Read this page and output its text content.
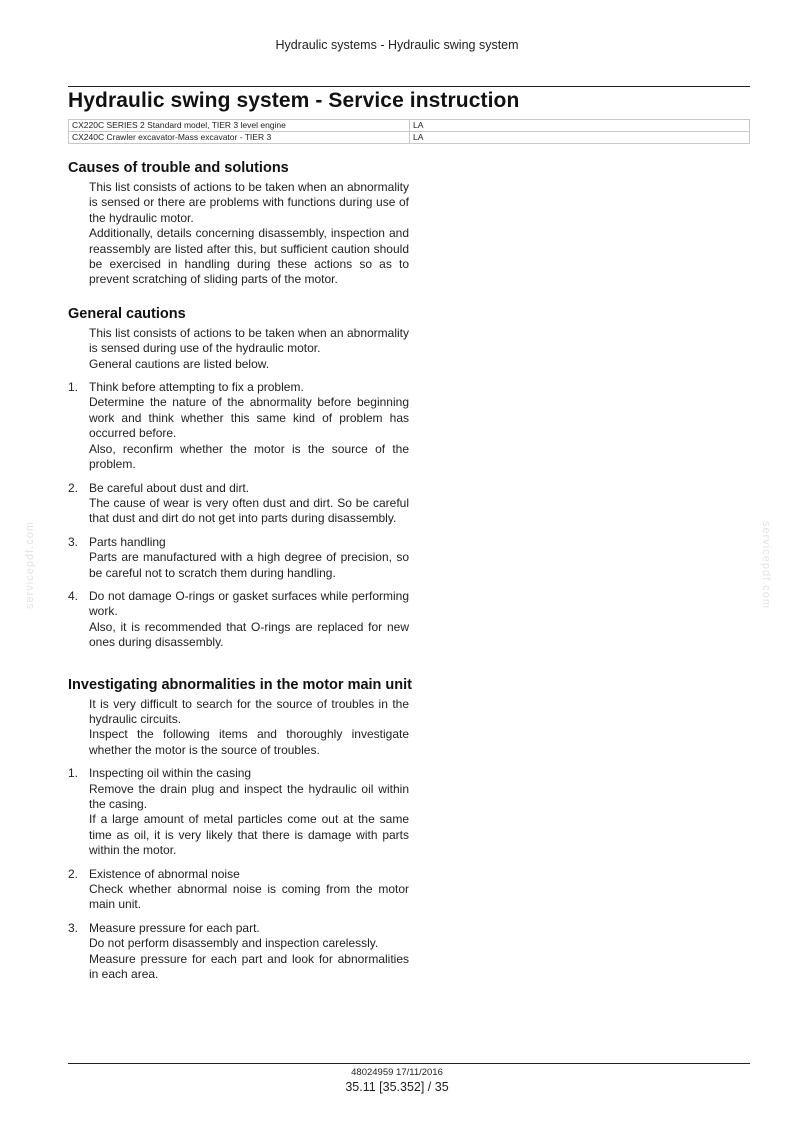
Hydraulic systems - Hydraulic swing system
Hydraulic swing system - Service instruction
CX220C SERIES 2 Standard model, TIER 3 level engine	LA
CX240C Crawler excavator-Mass excavator - TIER 3	LA
Causes of trouble and solutions

This list consists of actions to be taken when an abnormality is sensed or there are problems with functions during use of the hydraulic motor.

Additionally, details concerning disassembly, inspection and reassembly are listed after this, but sufficient caution should be exercised in handling during these actions so as to prevent scratching of sliding parts of the motor.

General cautions

This list consists of actions to be taken when an abnormality is sensed during use of the hydraulic motor.

General cautions are listed below.

1. Think before attempting to fix a problem.
Determine the nature of the abnormality before beginning work and think whether this same kind of problem has occurred before.
Also, reconfirm whether the motor is the source of the problem.
2. Be careful about dust and dirt.
The cause of wear is very often dust and dirt. So be careful that dust and dirt do not get into parts during disassembly.
3. Parts handling
Parts are manufactured with a high degree of precision, so be careful not to scratch them during handling.
4. Do not damage O-rings or gasket surfaces while performing work.
Also, it is recommended that O-rings are replaced for new ones during disassembly.
Investigating abnormalities in the motor main unit

It is very difficult to search for the source of troubles in the hydraulic circuits.

Inspect the following items and thoroughly investigate whether the motor is the source of troubles.

1. Inspecting oil within the casing
Remove the drain plug and inspect the hydraulic oil within the casing.
If a large amount of metal particles come out at the same time as oil, it is very likely that there is damage with parts within the motor.
2. Existence of abnormal noise
Check whether abnormal noise is coming from the motor main unit.
3. Measure pressure for each part.
Do not perform disassembly and inspection carelessly.
Measure pressure for each part and look for abnormalities in each area.
servicepdf.com	servicepdf.com
48024959 17/11/2016
35.11 [35.352] / 35
